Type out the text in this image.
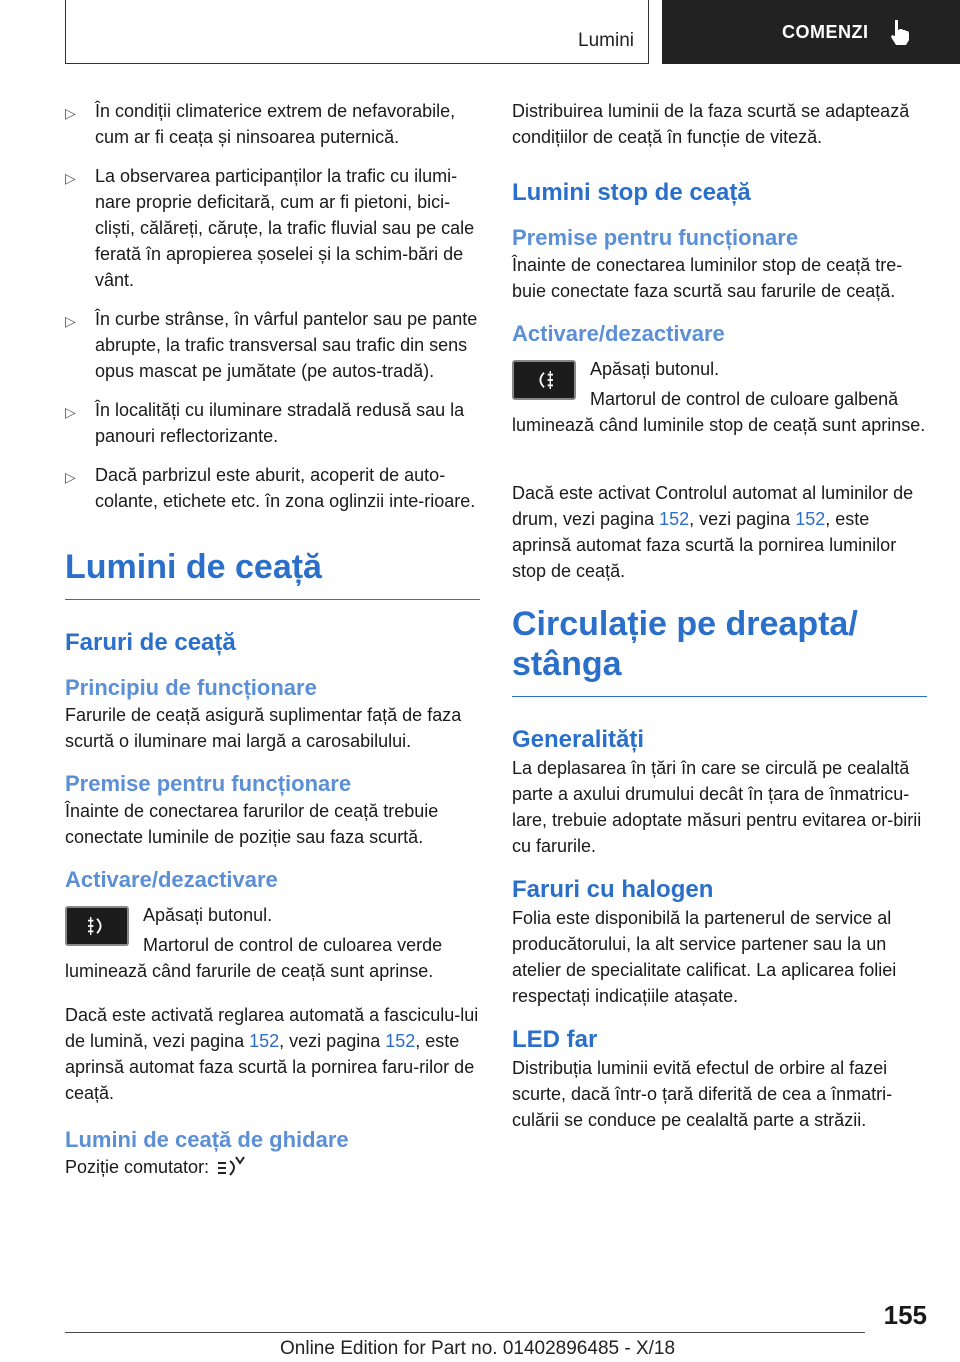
Lumini	COMENZI
▷ În condiții climaterice extrem de nefavorabile, cum ar fi ceața și ninsoarea puternică.
▷ La observarea participanților la trafic cu ilumi‐nare proprie deficitară, cum ar fi pietoni, bici‐cliști, călăreți, căruțe, la trafic fluvial sau pe cale ferată în apropierea șoselei și la schim‐bări de vânt.
▷ În curbe strânse, în vârful pantelor sau pe pante abrupte, la trafic transversal sau trafic din sens opus mascat pe jumătate (pe autos‐tradă).
▷ În localități cu iluminare stradală redusă sau la panouri reflectorizante.
▷ Dacă parbrizul este aburit, acoperit de auto‐colante, etichete etc. în zona oglinzii inte‐rioare.
Lumini de ceață
Faruri de ceață
Principiu de funcționare

Farurile de ceață asigură suplimentar față de faza scurtă o iluminare mai largă a carosabilului.

Premise pentru funcționare

Înainte de conectarea farurilor de ceață trebuie conectate luminile de poziție sau faza scurtă.

Activare/dezactivare

Apăsați butonul.

Martorul de control de culoarea verde

luminează când farurile de ceață sunt aprinse.

Dacă este activată reglarea automată a fasciculu‐lui de lumină, vezi pagina 152, vezi pagina 152, este aprinsă automat faza scurtă la pornirea faru‐rilor de ceață.

Lumini de ceață de ghidare

Poziție comutator:

Distribuirea luminii de la faza scurtă se adaptează condițiilor de ceață în funcție de viteză.

Lumini stop de ceață
Premise pentru funcționare

Înainte de conectarea luminilor stop de ceață tre‐buie conectate faza scurtă sau farurile de ceață.

Activare/dezactivare

Apăsați butonul.

Martorul de control de culoare galbenă

luminează când luminile stop de ceață sunt aprinse.

Dacă este activat Controlul automat al luminilor de drum, vezi pagina 152, vezi pagina 152, este aprinsă automat faza scurtă la pornirea luminilor stop de ceață.

Circulație pe dreapta/ stânga
Generalități

La deplasarea în țări în care se circulă pe cealaltă parte a axului drumului decât în țara de înmatricu‐lare, trebuie adoptate măsuri pentru evitarea or‐birii cu farurile.

Faruri cu halogen

Folia este disponibilă la partenerul de service al producătorului, la alt service partener sau la un atelier de specialitate calificat. La aplicarea foliei respectați indicațiile atașate.

LED far

Distribuția luminii evită efectul de orbire al fazei scurte, dacă într-o țară diferită de cea a înmatri‐culării se conduce pe cealaltă parte a străzii.

155
Online Edition for Part no. 01402896485 - X/18
